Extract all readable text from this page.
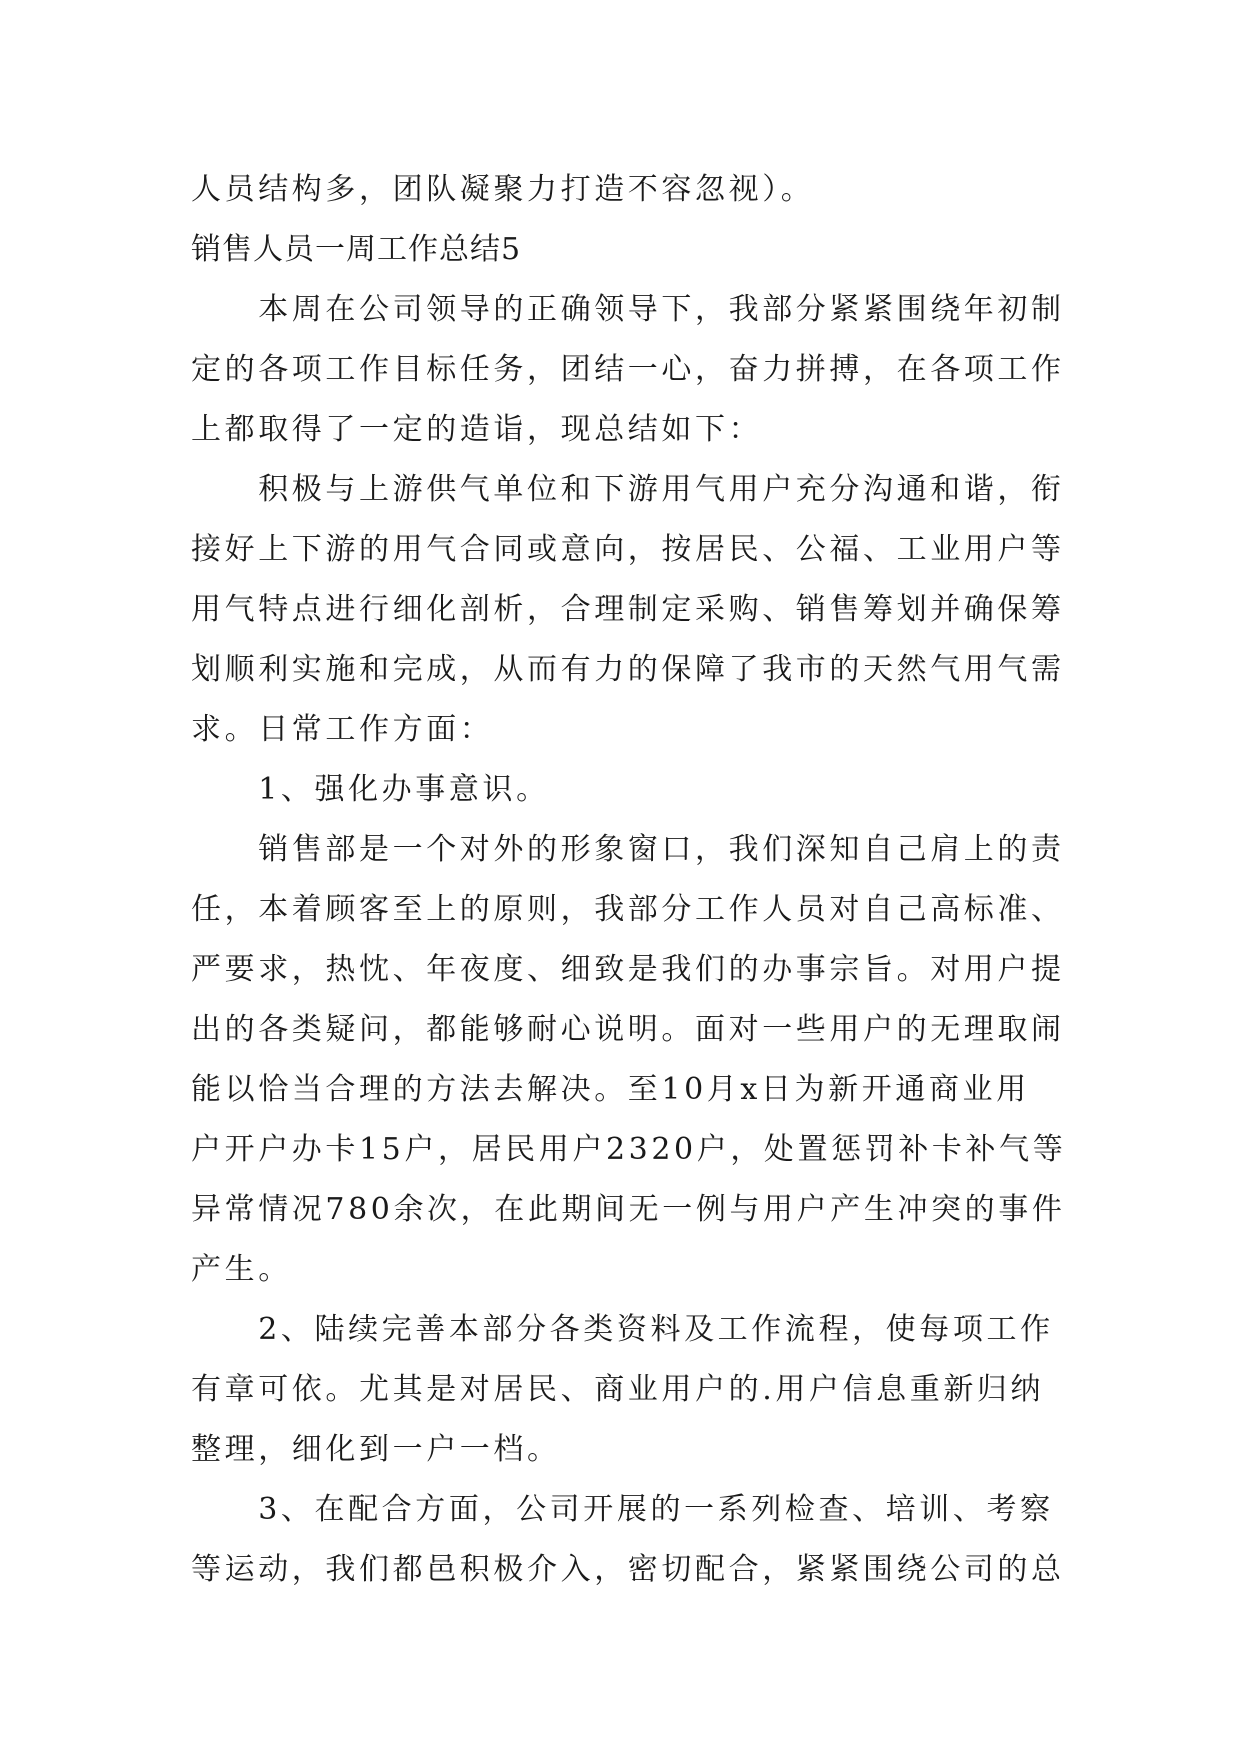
人员结构多，团队凝聚力打造不容忽视）。
销售人员一周工作总结5
　　本周在公司领导的正确领导下，我部分紧紧围绕年初制
定的各项工作目标任务，团结一心，奋力拼搏，在各项工作
上都取得了一定的造诣，现总结如下：
　　积极与上游供气单位和下游用气用户充分沟通和谐，衔
接好上下游的用气合同或意向，按居民、公福、工业用户等
用气特点进行细化剖析，合理制定采购、销售筹划并确保筹
划顺利实施和完成，从而有力的保障了我市的天然气用气需
求。日常工作方面：
　　1、强化办事意识。
　　销售部是一个对外的形象窗口，我们深知自己肩上的责
任，本着顾客至上的原则，我部分工作人员对自己高标准、
严要求，热忱、年夜度、细致是我们的办事宗旨。对用户提
出的各类疑问，都能够耐心说明。面对一些用户的无理取闹
能以恰当合理的方法去解决。至10月x日为新开通商业用
户开户办卡15户，居民用户2320户，处置惩罚补卡补气等
异常情况780余次，在此期间无一例与用户产生冲突的事件
产生。
　　2、陆续完善本部分各类资料及工作流程，使每项工作
有章可依。尤其是对居民、商业用户的.用户信息重新归纳
整理，细化到一户一档。
　　3、在配合方面，公司开展的一系列检查、培训、考察
等运动，我们都邑积极介入，密切配合，紧紧围绕公司的总
